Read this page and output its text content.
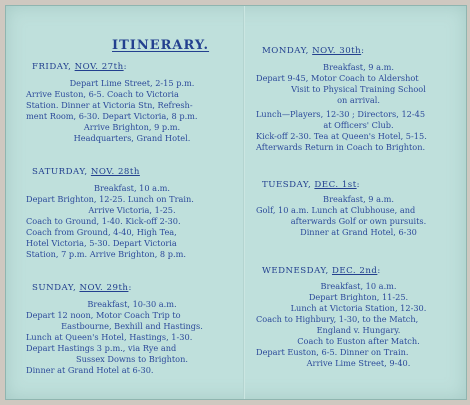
ITINERARY.
FRIDAY, NOV. 27th:
Depart Lime Street, 2-15 p.m.
Arrive Euston, 6-5. Coach to Victoria
Station. Dinner at Victoria Stn, Refresh-
ment Room, 6-30. Depart Victoria, 8 p.m.
Arrive Brighton, 9 p.m.
Headquarters, Grand Hotel.
SATURDAY, NOV. 28th
Breakfast, 10 a.m.
Depart Brighton, 12-25. Lunch on Train.
Arrive Victoria, 1-25.
Coach to Ground, 1-40. Kick-off 2-30.
Coach from Ground, 4-40, High Tea,
Hotel Victoria, 5-30. Depart Victoria
Station, 7 p.m. Arrive Brighton, 8 p.m.
SUNDAY, NOV. 29th:
Breakfast, 10-30 a.m.
Depart 12 noon, Motor Coach Trip to
Eastbourne, Bexhill and Hastings.
Lunch at Queen's Hotel, Hastings, 1-30.
Depart Hastings 3 p.m., via Rye and
Sussex Downs to Brighton.
Dinner at Grand Hotel at 6-30.
MONDAY, NOV. 30th:
Breakfast, 9 a.m.
Depart 9-45, Motor Coach to Aldershot
Visit to Physical Training School
on arrival.
Lunch—Players, 12-30 ; Directors, 12-45
at Officers' Club.
Kick-off 2-30. Tea at Queen's Hotel, 5-15.
Afterwards Return in Coach to Brighton.
TUESDAY, DEC. 1st:
Breakfast, 9 a.m.
Golf, 10 a.m. Lunch at Clubhouse, and
afterwards Golf or own pursuits.
Dinner at Grand Hotel, 6-30
WEDNESDAY, DEC. 2nd:
Breakfast, 10 a.m.
Depart Brighton, 11-25.
Lunch at Victoria Station, 12-30.
Coach to Highbury, 1-30, to the Match,
England v. Hungary.
Coach to Euston after Match.
Depart Euston, 6-5. Dinner on Train.
Arrive Lime Street, 9-40.
